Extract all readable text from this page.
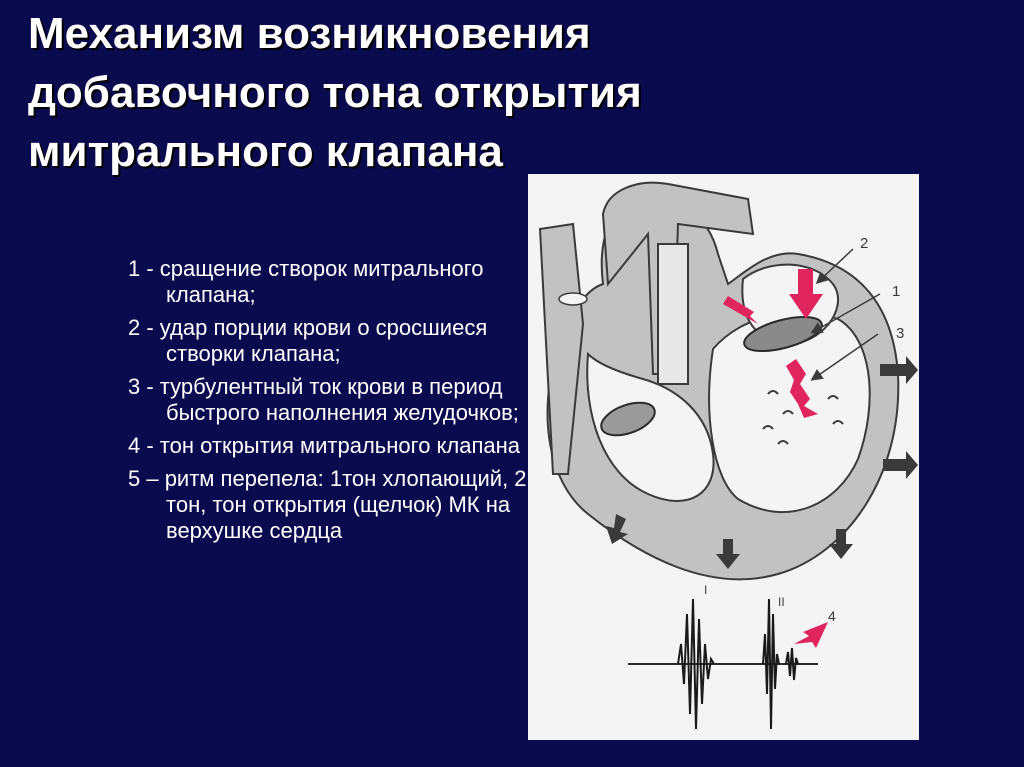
Механизм возникновения
добавочного тона открытия
митрального клапана
1 - сращение створок митрального клапана;
2 - удар порции крови о сросшиеся створки клапана;
3 - турбулентный ток крови в период быстрого наполнения желудочков;
4 - тон открытия митрального клапана
5 – ритм перепела: 1тон хлопающий, 2 тон, тон открытия (щелчок) МК на верхушке сердца
2
1
3
I
II
4
